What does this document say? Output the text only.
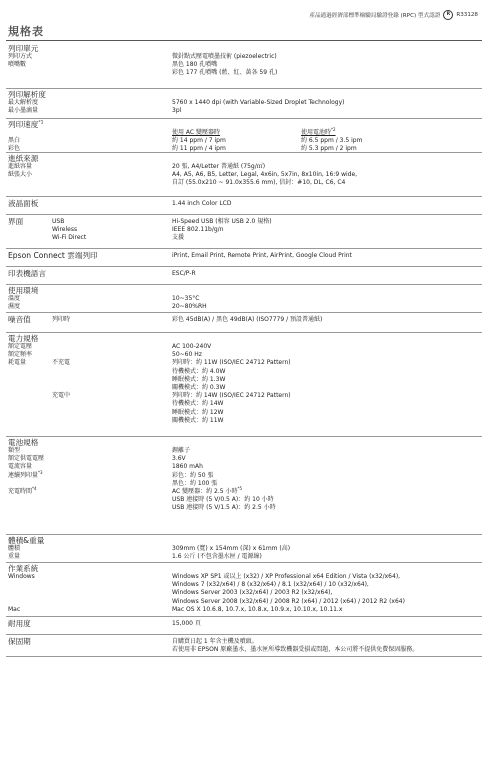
產品通過經濟部標準檢驗局驗證登錄 (RPC) 型式認證	R	R33128
規格表
列印單元
列印方式	微針點式壓電噴墨技術 (piezoelectric)
噴嘴數	黑色 180 孔噴嘴
彩色 177 孔噴嘴 (藍、紅、黃各 59 孔)
列印解析度
最大解析度	5760 x 1440 dpi (with Variable-Sized Droplet Technology)
最小墨滴量	3pl
列印速度$^{*1}$
使用 AC 變壓器時	使用電池時$^{*2}$
黑白	約 14 ppm / 7 ipm	約 6.5 ppm / 3.5 ipm
彩色	約 11 ppm / 4 ipm	約 5.3 ppm / 2 ipm
進紙來源
進紙容量	20 張, A4/Letter 普通紙 (75g/㎡)
紙張大小	A4, A5, A6, B5, Letter, Legal, 4x6in, 5x7in, 8x10in, 16:9 wide,
自訂 (55.0x210 ~ 91.0x355.6 mm), 信封：#10, DL, C6, C4
液晶面板	1.44 inch Color LCD
界面	USB	Hi-Speed USB (相容 USB 2.0 規格)
Wireless	IEEE 802.11b/g/n
Wi-Fi Direct	支援
Epson Connect 雲端列印	iPrint, Email Print, Remote Print, AirPrint, Google Cloud Print
印表機語言	ESC/P-R
使用環境
溫度	10~35°C
濕度	20~80%RH
噪音值	列印時	彩色 45dB(A) / 黑色 49dB(A) (ISO7779 / 預設普通紙)
電力規格
額定電壓	AC 100-240V
額定頻率	50~60 Hz
耗電量	不充電	列印時：約 11W (ISO/IEC 24712 Pattern)
待機模式：約 4.0W
睡眠模式：約 1.3W
關機模式：約 0.3W
充電中	列印時：約 14W (ISO/IEC 24712 Pattern)
待機模式：約 14W
睡眠模式：約 12W
關機模式：約 11W
電池規格
類型	鋰離子
額定供電電壓	3.6V
電流容量	1860 mAh
連續列印量$^{*3}$	彩色：約 50 張
黑色：約 100 張
充電時間$^{*4}$	AC 變壓器：約 2.5 小時$^{*5}$
USB 連接時 (5 V/0.5 A)：約 10 小時
USB 連接時 (5 V/1.5 A)：約 2.5 小時
體積&重量
體積	309mm (寬) x 154mm (深) x 61mm (高)
重量	1.6 公斤 (不包含墨水匣 / 電源線)
作業系統
Windows	Windows XP SP1 或以上 (x32) / XP Professional x64 Edition / Vista (x32/x64),
Windows 7 (x32/x64) / 8 (x32/x64) / 8.1 (x32/x64) / 10 (x32/x64),
Windows Server 2003 (x32/x64) / 2003 R2 (x32/x64),
Windows Server 2008 (x32/x64) / 2008 R2 (x64) / 2012 (x64) / 2012 R2 (x64)
Mac	Mac OS X 10.6.8, 10.7.x, 10.8.x, 10.9.x, 10.10.x, 10.11.x
耐用度	15,000 頁
保固期	自購買日起 1 年含主機及噴頭。
若使用非 EPSON 原廠墨水，墨水匣所導致機器受損或問題，本公司將不提供免費保固服務。
